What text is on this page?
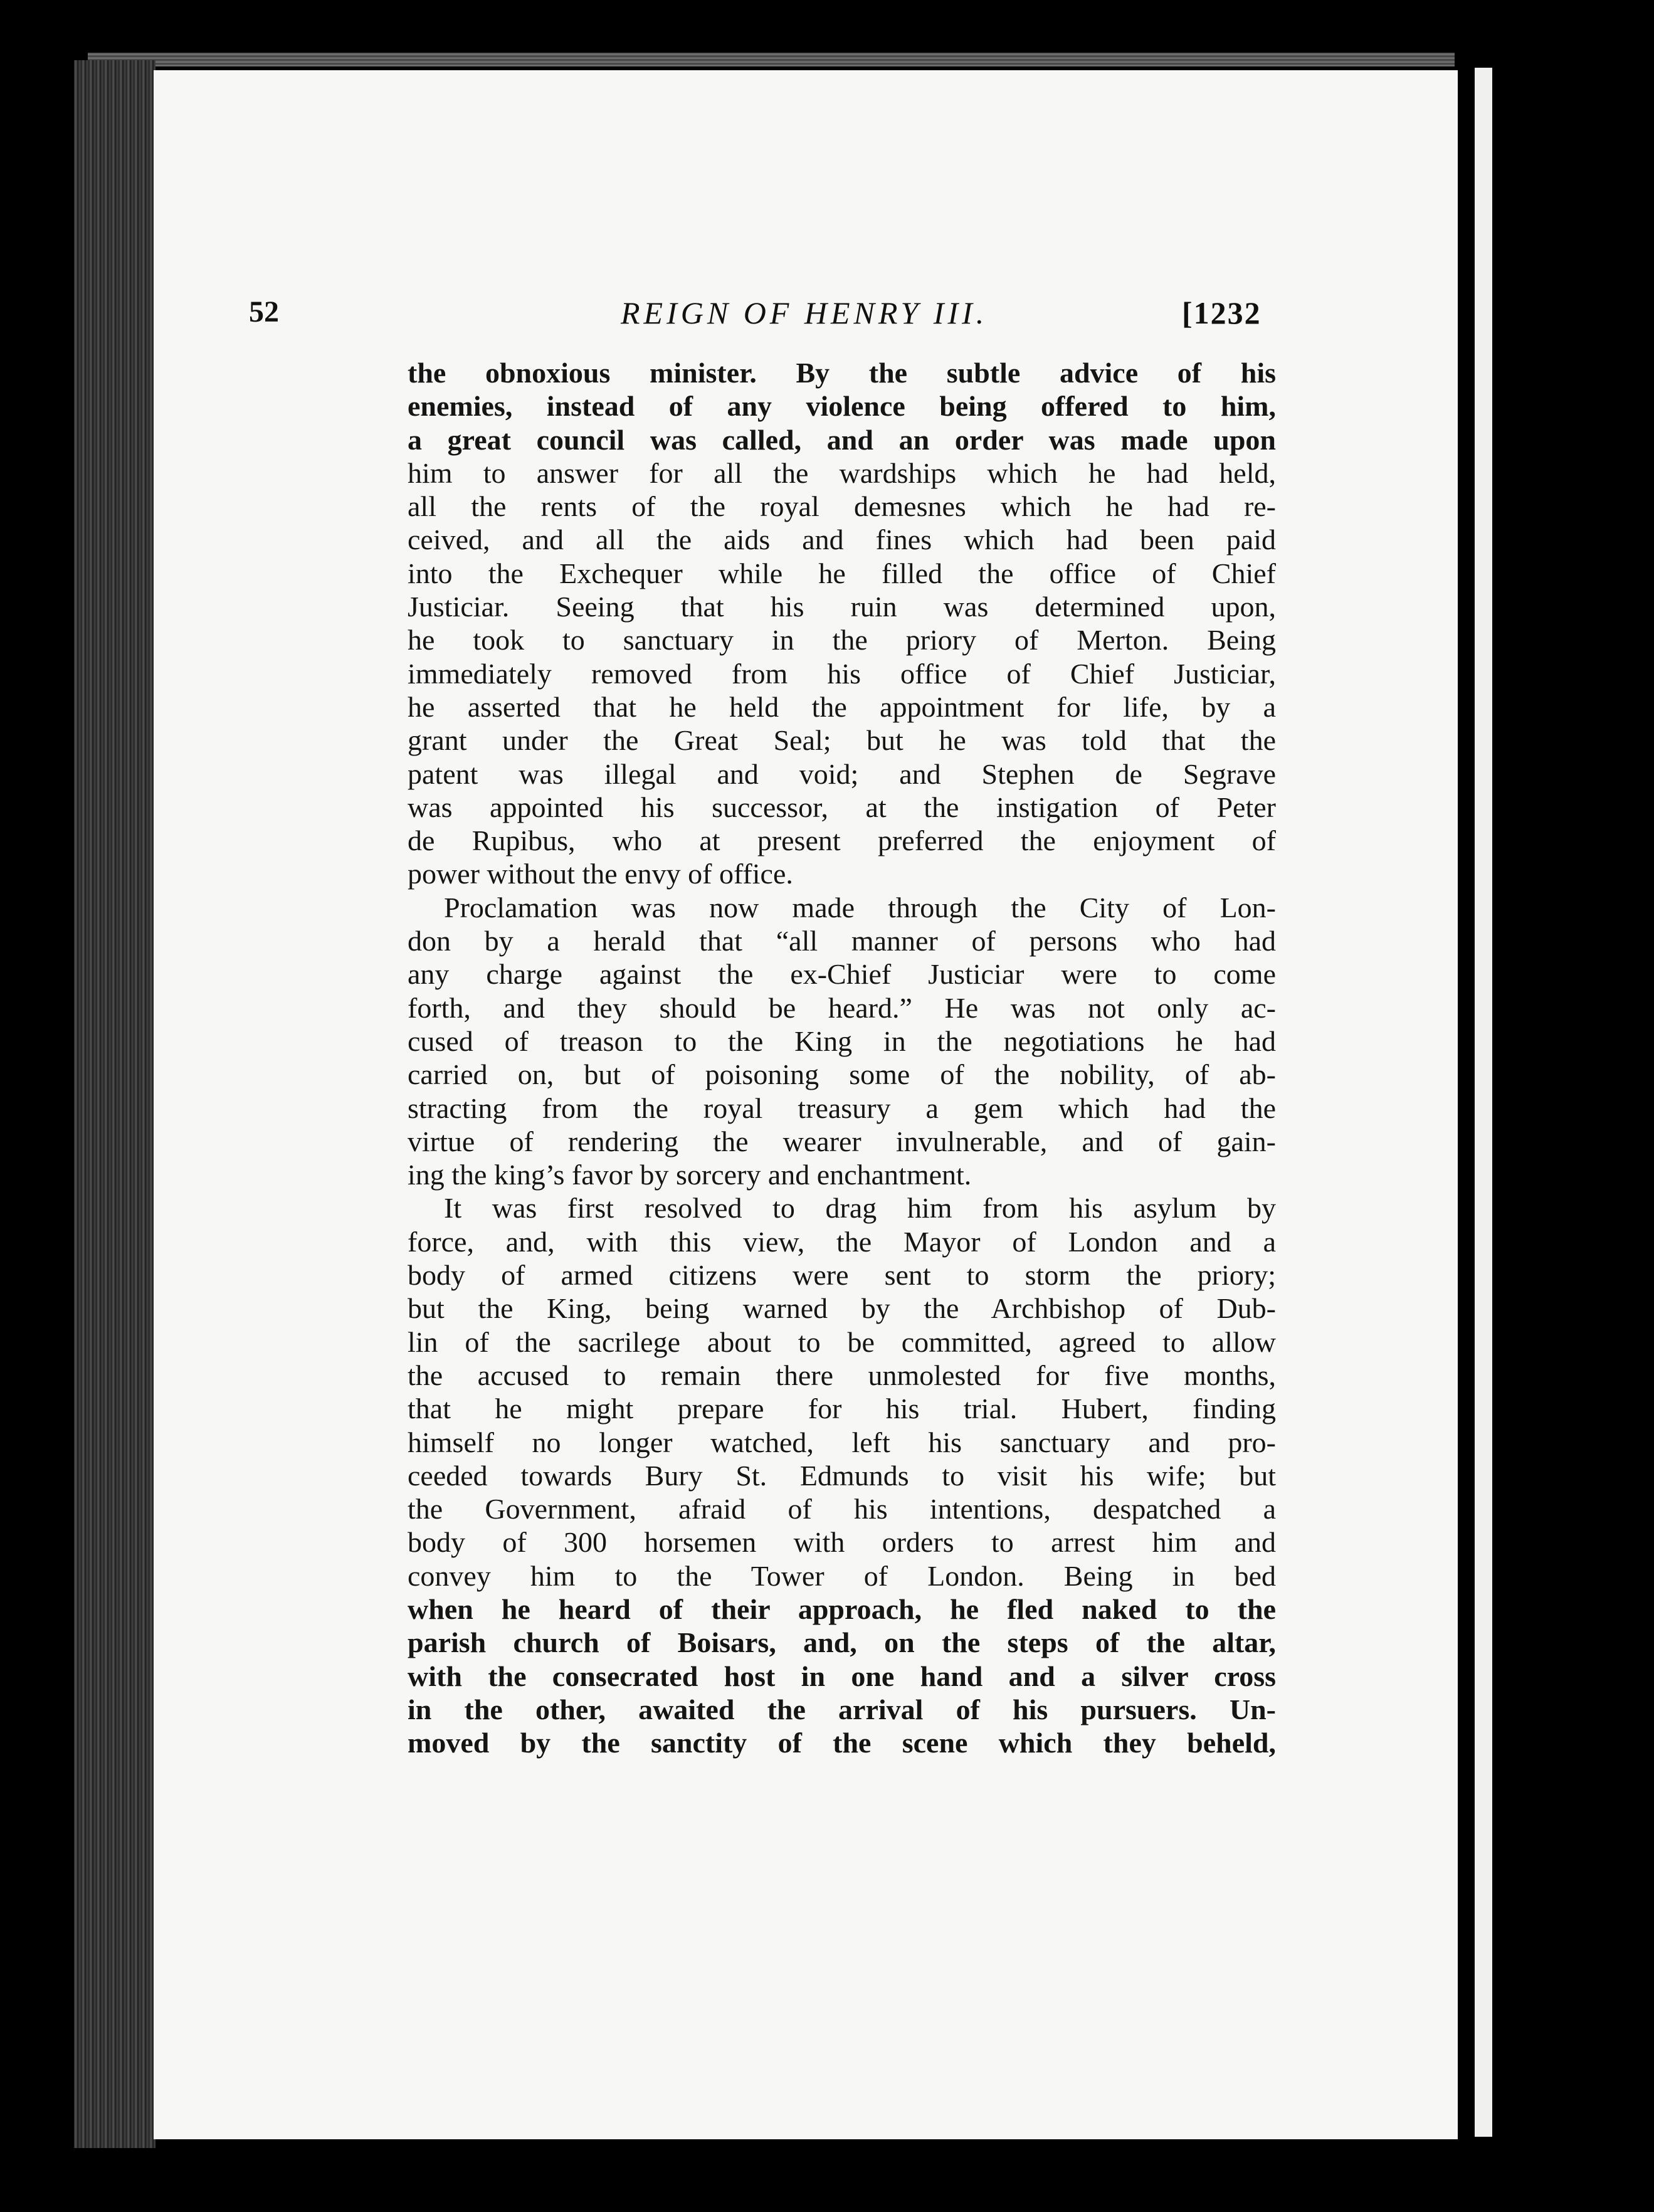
52	REIGN OF HENRY III.	[1232
the obnoxious minister. By the subtle advice of his
enemies, instead of any violence being offered to him,
a great council was called, and an order was made upon
him to answer for all the wardships which he had held,
all the rents of the royal demesnes which he had re-
ceived, and all the aids and fines which had been paid
into the Exchequer while he filled the office of Chief
Justiciar. Seeing that his ruin was determined upon,
he took to sanctuary in the priory of Merton. Being
immediately removed from his office of Chief Justiciar,
he asserted that he held the appointment for life, by a
grant under the Great Seal; but he was told that the
patent was illegal and void; and Stephen de Segrave
was appointed his successor, at the instigation of Peter
de Rupibus, who at present preferred the enjoyment of
power without the envy of office.
Proclamation was now made through the City of Lon-
don by a herald that “all manner of persons who had
any charge against the ex-Chief Justiciar were to come
forth, and they should be heard.” He was not only ac-
cused of treason to the King in the negotiations he had
carried on, but of poisoning some of the nobility, of ab-
stracting from the royal treasury a gem which had the
virtue of rendering the wearer invulnerable, and of gain-
ing the king’s favor by sorcery and enchantment.
It was first resolved to drag him from his asylum by
force, and, with this view, the Mayor of London and a
body of armed citizens were sent to storm the priory;
but the King, being warned by the Archbishop of Dub-
lin of the sacrilege about to be committed, agreed to allow
the accused to remain there unmolested for five months,
that he might prepare for his trial. Hubert, finding
himself no longer watched, left his sanctuary and pro-
ceeded towards Bury St. Edmunds to visit his wife; but
the Government, afraid of his intentions, despatched a
body of 300 horsemen with orders to arrest him and
convey him to the Tower of London. Being in bed
when he heard of their approach, he fled naked to the
parish church of Boisars, and, on the steps of the altar,
with the consecrated host in one hand and a silver cross
in the other, awaited the arrival of his pursuers. Un-
moved by the sanctity of the scene which they beheld,
